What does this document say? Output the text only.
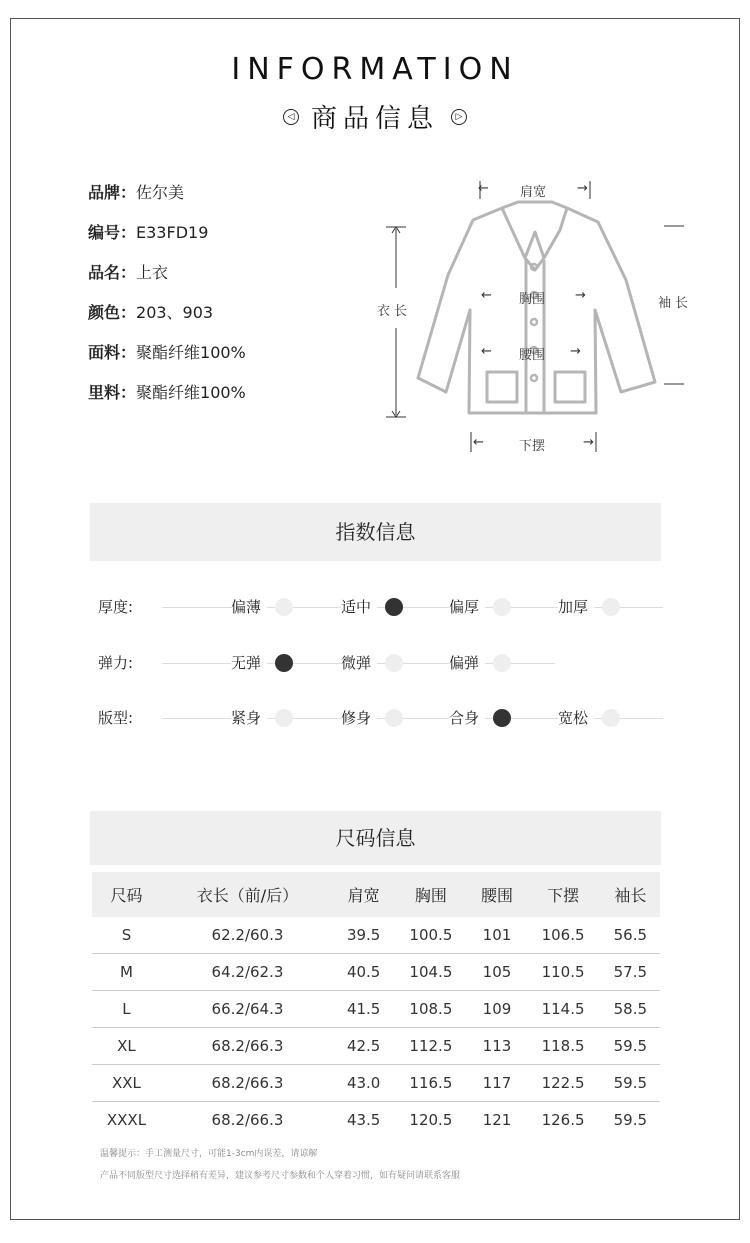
INFORMATION
◁ 商品信息 ▷
品牌：佐尔美
编号：E33FD19
品名：上衣
颜色：203、903
面料：聚酯纤维100%
里料：聚酯纤维100%
← 肩宽 →
衣长
← 胸围 →
← 腰围 →
袖长
←	下摆	→
指数信息
厚度:	偏薄	适中	偏厚	加厚
弹力:	无弹	微弹	偏弹
版型:	紧身	修身	合身	宽松
尺码信息
尺码	衣长（前/后）	肩宽	胸围	腰围	下摆	袖长
S	62.2/60.3	39.5	100.5	101	106.5	56.5
M	64.2/62.3	40.5	104.5	105	110.5	57.5
L	66.2/64.3	41.5	108.5	109	114.5	58.5
XL	68.2/66.3	42.5	112.5	113	118.5	59.5
XXL	68.2/66.3	43.0	116.5	117	122.5	59.5
XXXL	68.2/66.3	43.5	120.5	121	126.5	59.5
温馨提示：手工测量尺寸，可能1-3cm内误差，请谅解
产品不同版型尺寸选择稍有差异，建议参考尺寸参数和个人穿着习惯，如有疑问请联系客服
